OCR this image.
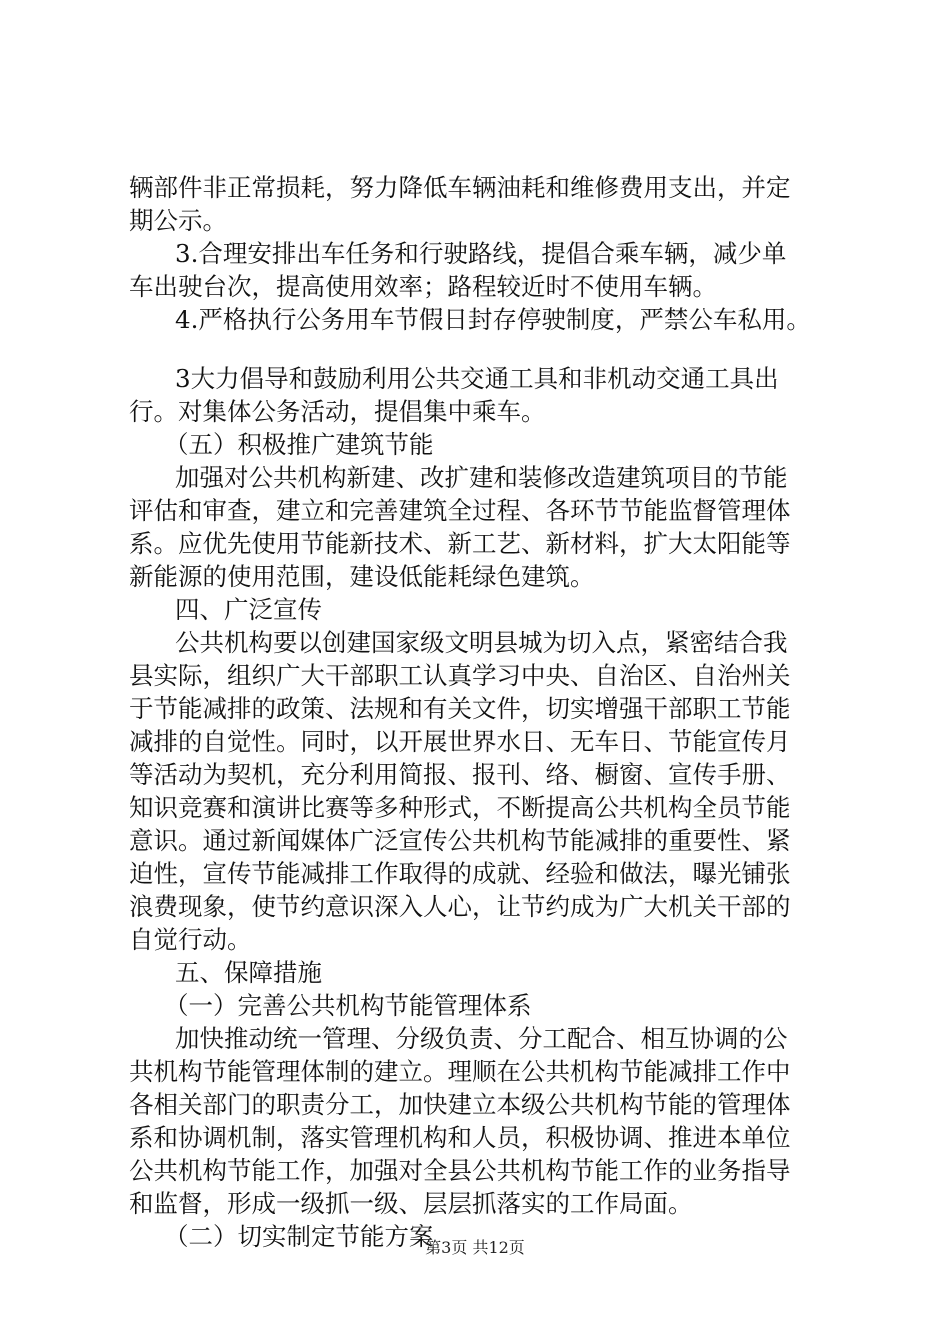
辆部件非正常损耗，努力降低车辆油耗和维修费用支出，并定
期公示。
3.合理安排出车任务和行驶路线，提倡合乘车辆，减少单
车出驶台次，提高使用效率；路程较近时不使用车辆。
4.严格执行公务用车节假日封存停驶制度，严禁公车私用。
3大力倡导和鼓励利用公共交通工具和非机动交通工具出
行。对集体公务活动，提倡集中乘车。
（五）积极推广建筑节能
加强对公共机构新建、改扩建和装修改造建筑项目的节能
评估和审查，建立和完善建筑全过程、各环节节能监督管理体
系。应优先使用节能新技术、新工艺、新材料，扩大太阳能等
新能源的使用范围，建设低能耗绿色建筑。
四、广泛宣传
公共机构要以创建国家级文明县城为切入点，紧密结合我
县实际，组织广大干部职工认真学习中央、自治区、自治州关
于节能减排的政策、法规和有关文件，切实增强干部职工节能
减排的自觉性。同时，以开展世界水日、无车日、节能宣传月
等活动为契机，充分利用简报、报刊、络、橱窗、宣传手册、
知识竞赛和演讲比赛等多种形式，不断提高公共机构全员节能
意识。通过新闻媒体广泛宣传公共机构节能减排的重要性、紧
迫性，宣传节能减排工作取得的成就、经验和做法，曝光铺张
浪费现象，使节约意识深入人心，让节约成为广大机关干部的
自觉行动。
五、保障措施
（一）完善公共机构节能管理体系
加快推动统一管理、分级负责、分工配合、相互协调的公
共机构节能管理体制的建立。理顺在公共机构节能减排工作中
各相关部门的职责分工，加快建立本级公共机构节能的管理体
系和协调机制，落实管理机构和人员，积极协调、推进本单位
公共机构节能工作，加强对全县公共机构节能工作的业务指导
和监督，形成一级抓一级、层层抓落实的工作局面。
（二）切实制定节能方案
第3页 共12页
